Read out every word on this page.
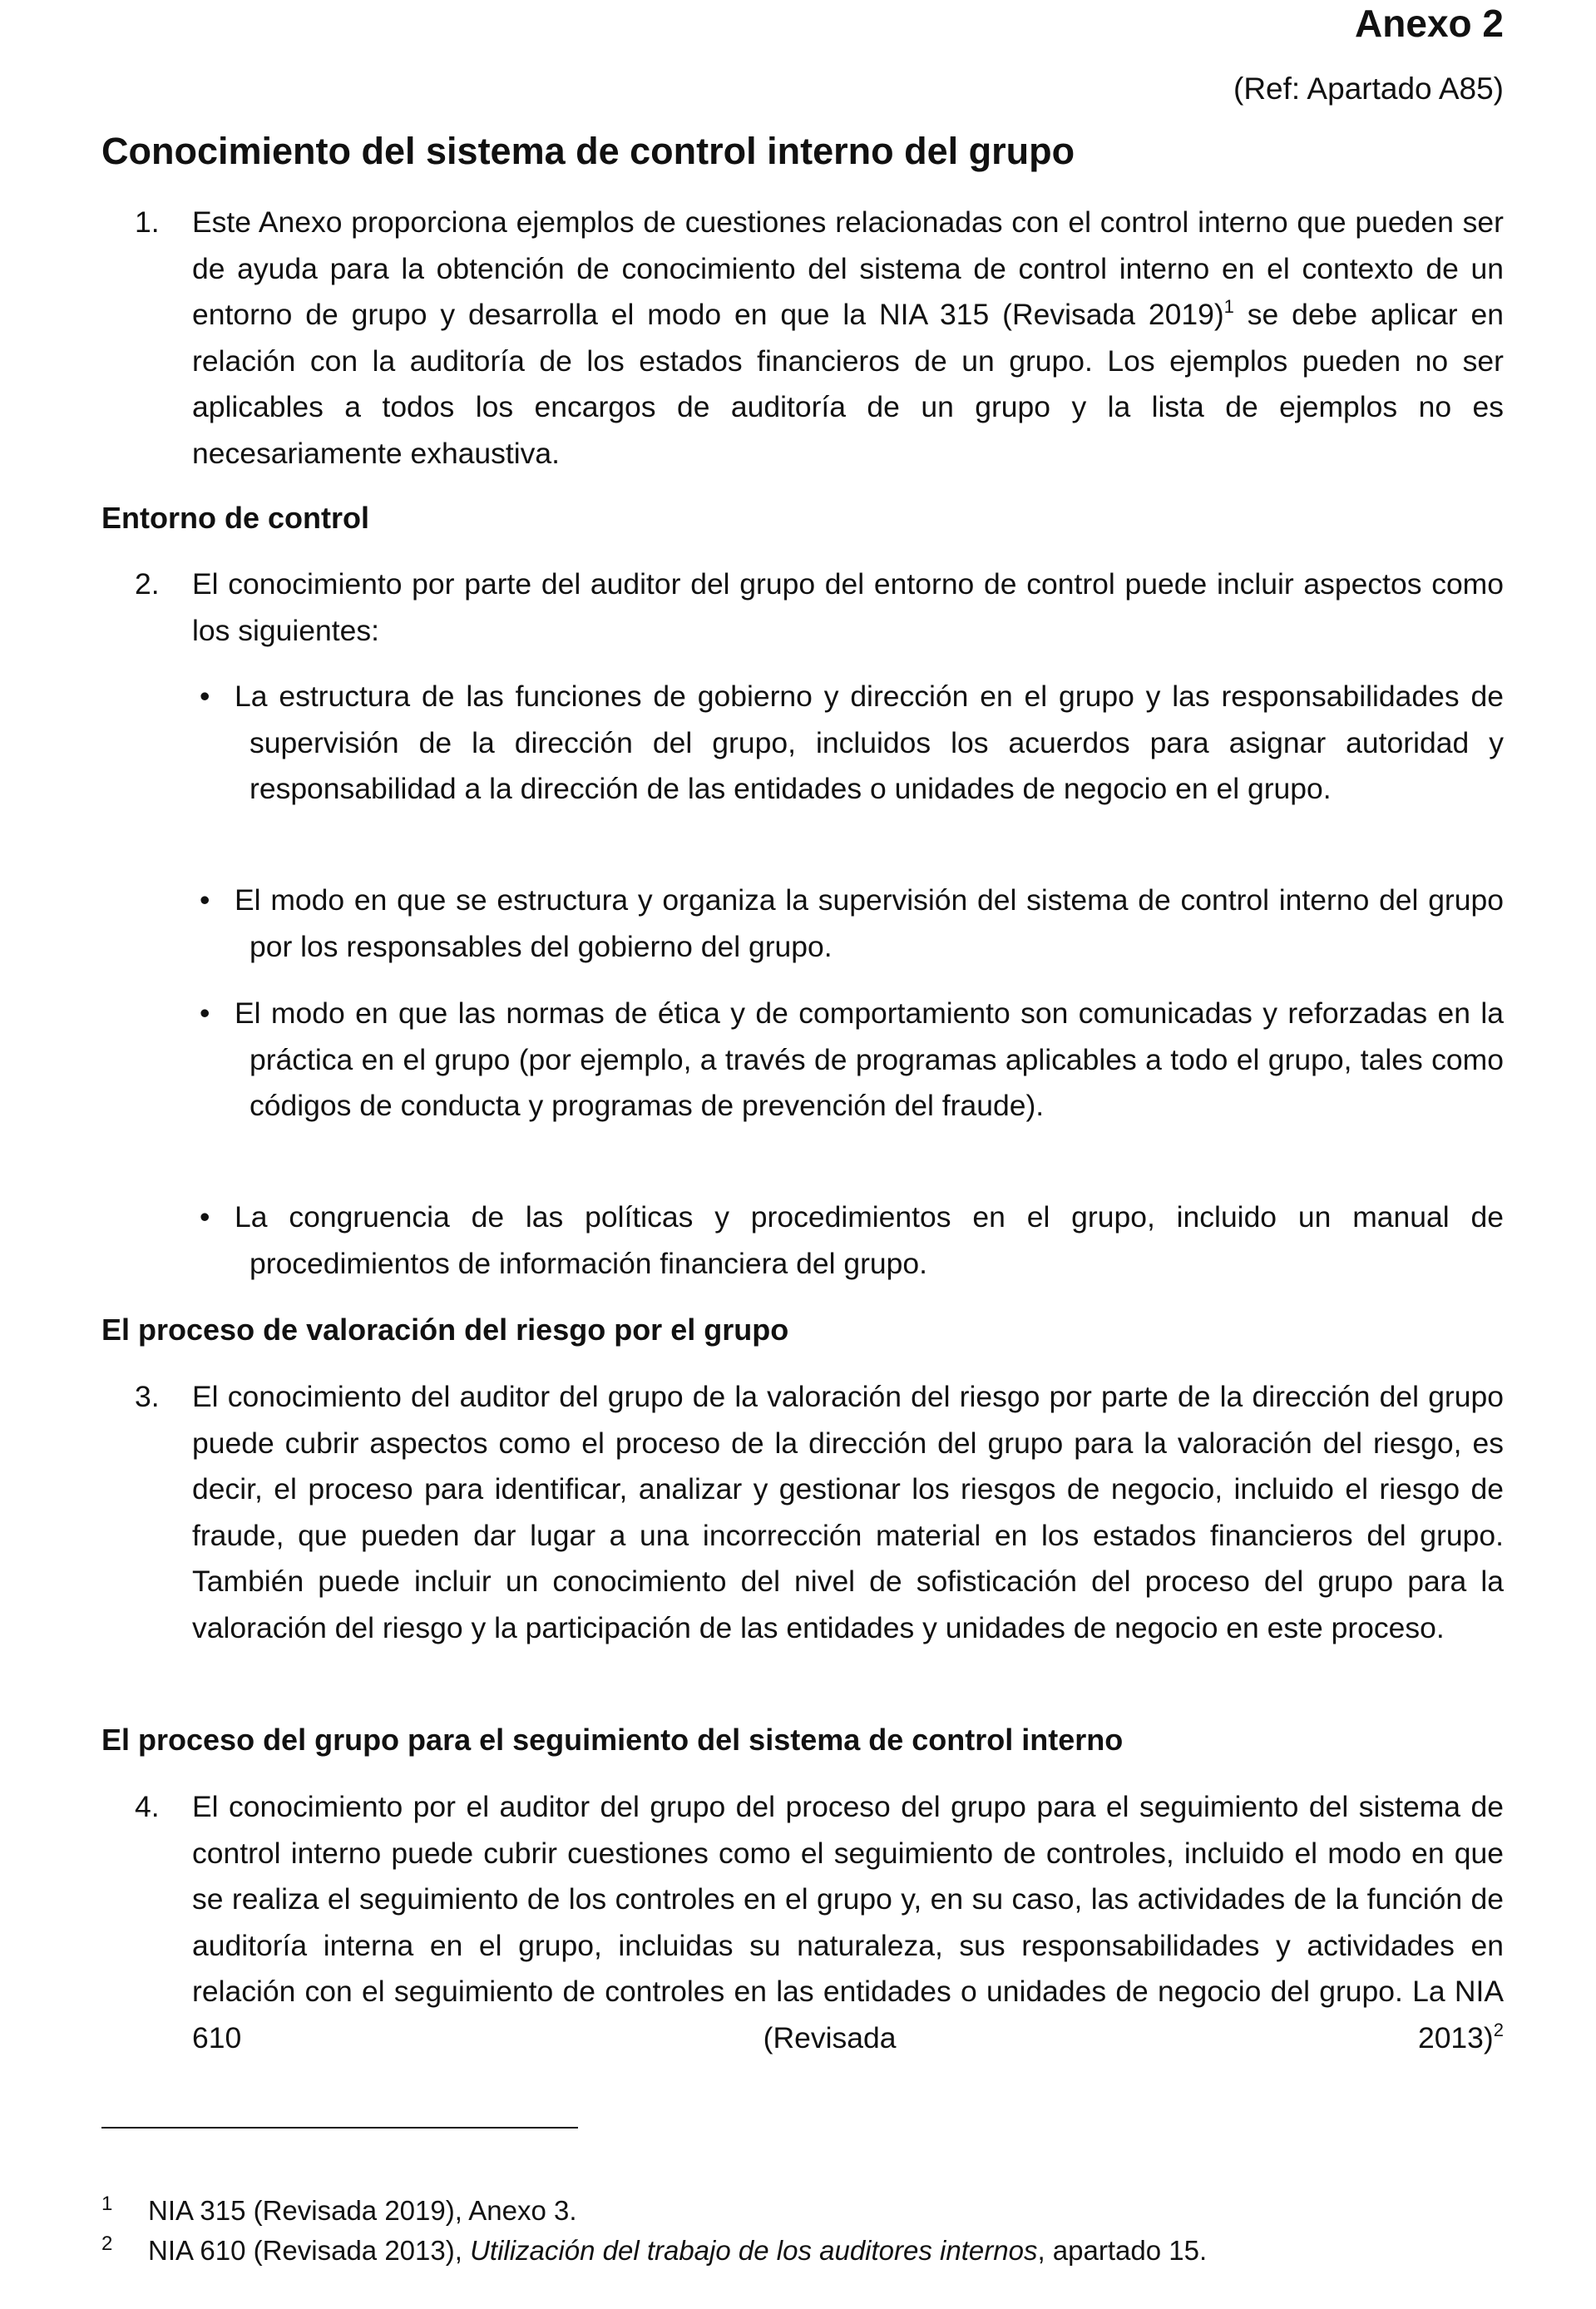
Anexo 2
(Ref: Apartado A85)
Conocimiento del sistema de control interno del grupo
1. Este Anexo proporciona ejemplos de cuestiones relacionadas con el control interno que pueden ser de ayuda para la obtención de conocimiento del sistema de control interno en el contexto de un entorno de grupo y desarrolla el modo en que la NIA 315 (Revisada 2019)$^1$ se debe aplicar en relación con la auditoría de los estados financieros de un grupo. Los ejemplos pueden no ser aplicables a todos los encargos de auditoría de un grupo y la lista de ejemplos no es necesariamente exhaustiva.
Entorno de control
2. El conocimiento por parte del auditor del grupo del entorno de control puede incluir aspectos como los siguientes:
• La estructura de las funciones de gobierno y dirección en el grupo y las responsabilidades de supervisión de la dirección del grupo, incluidos los acuerdos para asignar autoridad y responsabilidad a la dirección de las entidades o unidades de negocio en el grupo.
• El modo en que se estructura y organiza la supervisión del sistema de control interno del grupo por los responsables del gobierno del grupo.
• El modo en que las normas de ética y de comportamiento son comunicadas y reforzadas en la práctica en el grupo (por ejemplo, a través de programas aplicables a todo el grupo, tales como códigos de conducta y programas de prevención del fraude).
• La congruencia de las políticas y procedimientos en el grupo, incluido un manual de procedimientos de información financiera del grupo.
El proceso de valoración del riesgo por el grupo
3. El conocimiento del auditor del grupo de la valoración del riesgo por parte de la dirección del grupo puede cubrir aspectos como el proceso de la dirección del grupo para la valoración del riesgo, es decir, el proceso para identificar, analizar y gestionar los riesgos de negocio, incluido el riesgo de fraude, que pueden dar lugar a una incorrección material en los estados financieros del grupo. También puede incluir un conocimiento del nivel de sofisticación del proceso del grupo para la valoración del riesgo y la participación de las entidades y unidades de negocio en este proceso.
El proceso del grupo para el seguimiento del sistema de control interno
4. El conocimiento por el auditor del grupo del proceso del grupo para el seguimiento del sistema de control interno puede cubrir cuestiones como el seguimiento de controles, incluido el modo en que se realiza el seguimiento de los controles en el grupo y, en su caso, las actividades de la función de auditoría interna en el grupo, incluidas su naturaleza, sus responsabilidades y actividades en relación con el seguimiento de controles en las entidades o unidades de negocio del grupo. La NIA 610 (Revisada 2013)$^2$
1 NIA 315 (Revisada 2019), Anexo 3.
2 NIA 610 (Revisada 2013), Utilización del trabajo de los auditores internos, apartado 15.
